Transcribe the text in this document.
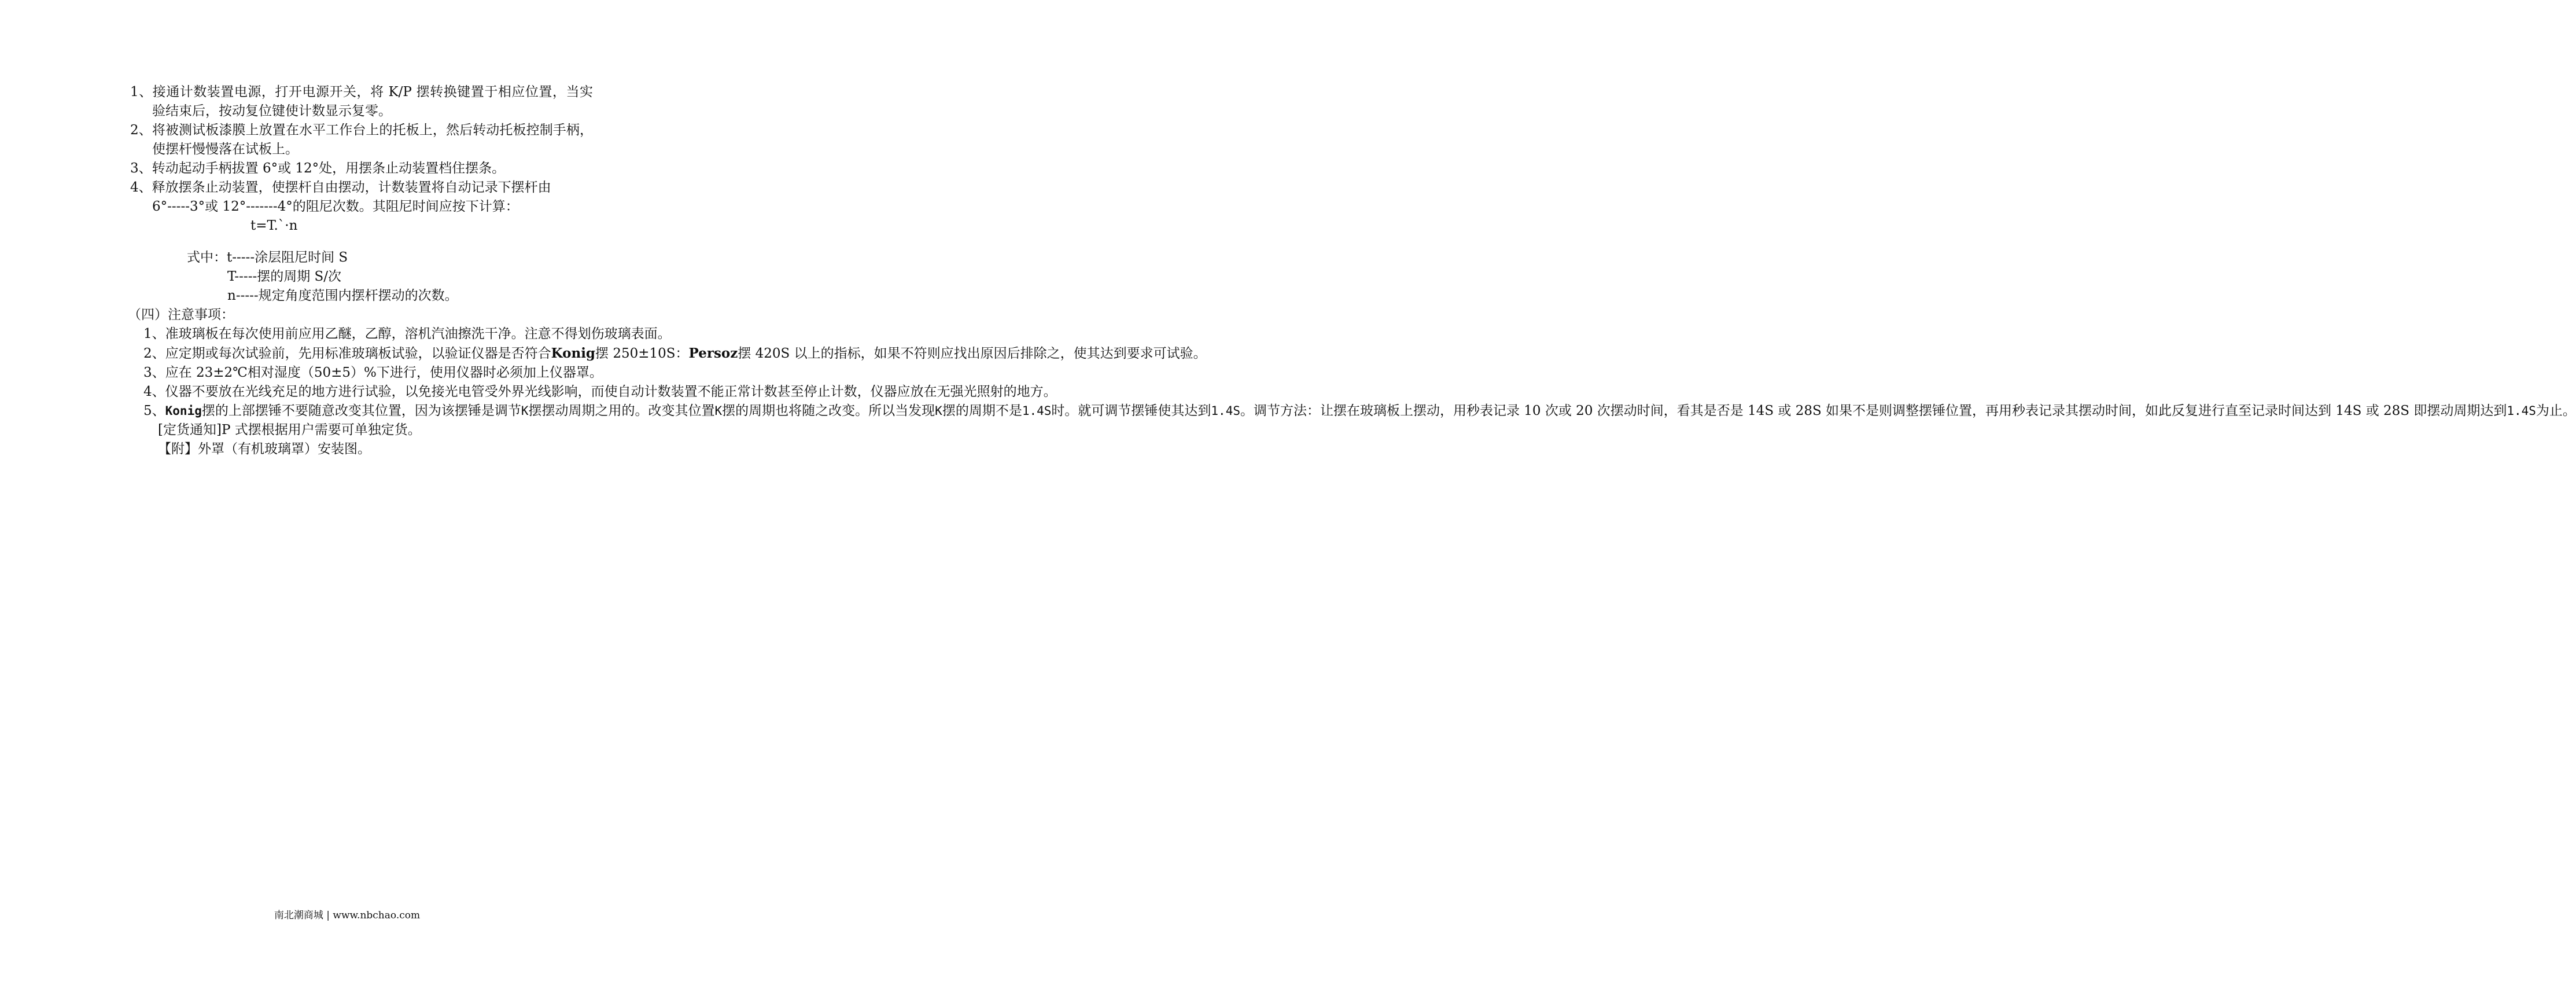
1、接通计数装置电源，打开电源开关，将 K/P 摆转换键置于相应位置，当实验结束后，按动复位键使计数显示复零。

2、将被测试板漆膜上放置在水平工作台上的托板上，然后转动托板控制手柄，使摆杆慢慢落在试板上。

3、转动起动手柄拔置 6°或 12°处，用摆条止动装置档住摆条。

4、释放摆条止动装置，使摆杆自由摆动，计数装置将自动记录下摆杆由

6°-----3°或 12°-------4°的阻尼次数。其阻尼时间应按下计算：

t=T.`·n

式中：t-----涂层阻尼时间 S

T-----摆的周期 S/次

n-----规定角度范围内摆杆摆动的次数。

（四）注意事项：

1、准玻璃板在每次使用前应用乙醚，乙醇，溶机汽油擦洗干净。注意不得划伤玻璃表面。

2、应定期或每次试验前，先用标准玻璃板试验，以验证仪器是否符合Konig摆 250±10S：Persoz摆 420S 以上的指标，如果不符则应找出原因后排除之，使其达到要求可试验。

3、应在 23±2℃相对湿度（50±5）%下进行，使用仪器时必须加上仪器罩。

4、仪器不要放在光线充足的地方进行试验，以免接光电管受外界光线影响，而使自动计数装置不能正常计数甚至停止计数，仪器应放在无强光照射的地方。

5、Konig摆的上部摆锤不要随意改变其位置，因为该摆锤是调节K摆摆动周期之用的。改变其位置K摆的周期也将随之改变。所以当发现K摆的周期不是1.4S时。就可调节摆锤使其达到1.4S。调节方法：让摆在玻璃板上摆动，用秒表记录 10 次或 20 次摆动时间，看其是否是 14S 或 28S 如果不是则调整摆锤位置，再用秒表记录其摆动时间，如此反复进行直至记录时间达到 14S 或 28S 即摆动周期达到1.4S为止。

[定货通知]P 式摆根据用户需要可单独定货。

【附】外罩（有机玻璃罩）安装图。

南北潮商城 | www.nbchao.com
